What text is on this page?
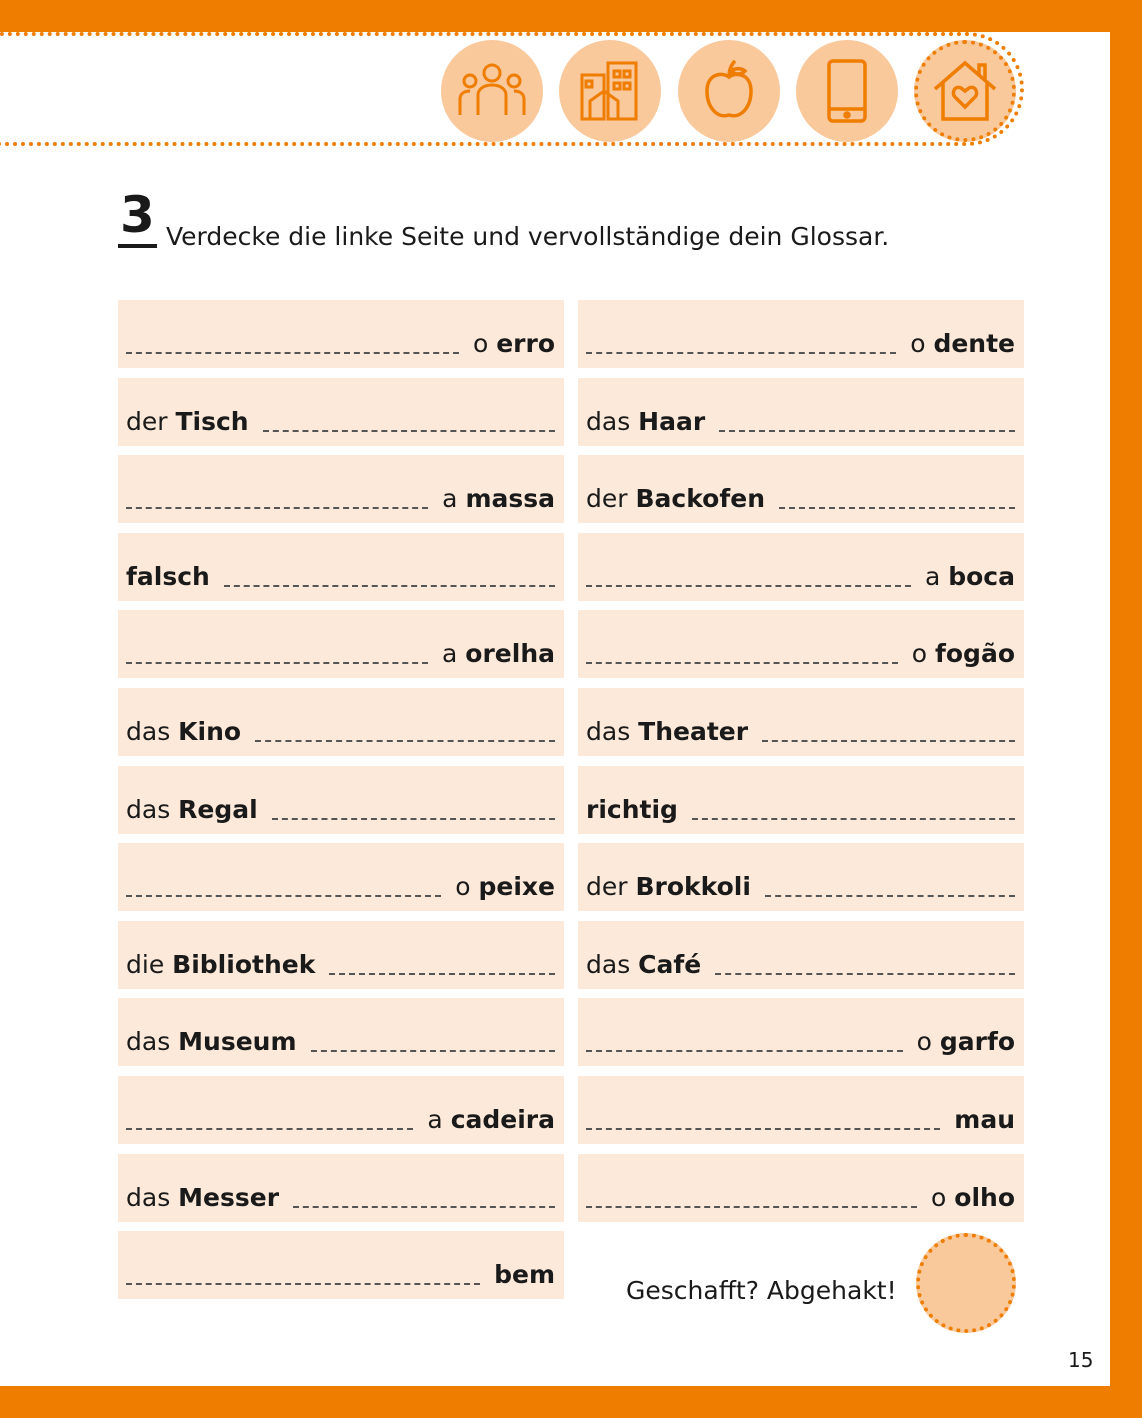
3 Verdecke die linke Seite und vervollständige dein Glossar.
o erro
der Tisch
a massa
falsch
a orelha
das Kino
das Regal
o peixe
die Bibliothek
das Museum
a cadeira
das Messer
bem
o dente
das Haar
der Backofen
a boca
o fogão
das Theater
richtig
der Brokkoli
das Café
o garfo
mau
o olho
Geschafft? Abgehakt!
15
